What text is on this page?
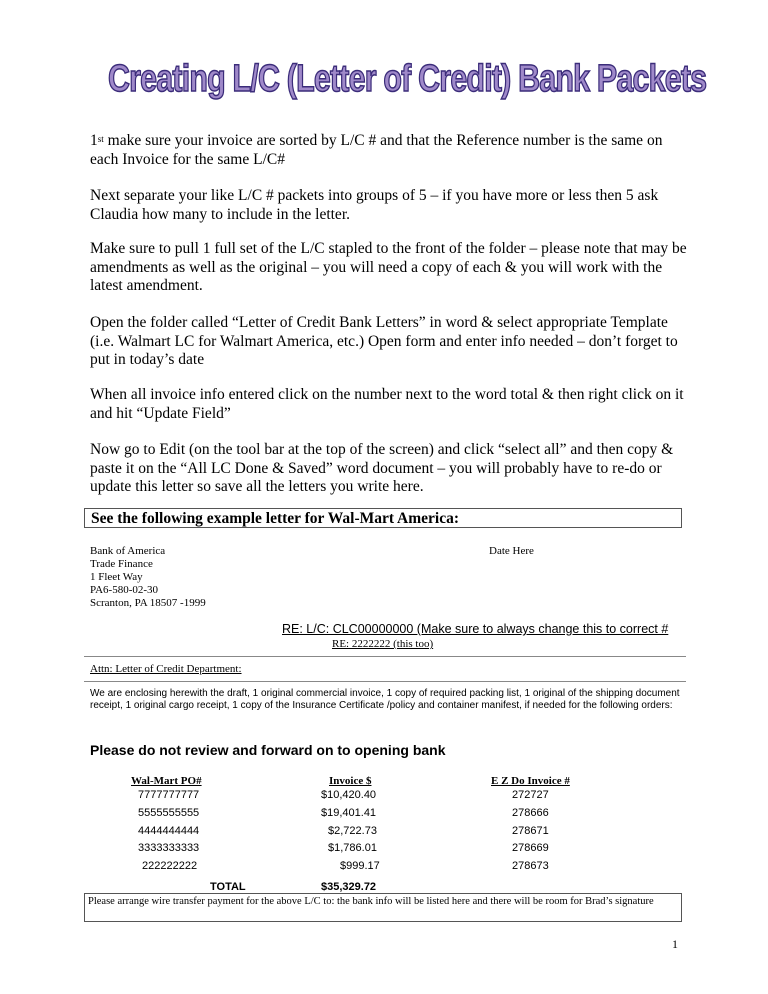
Creating L/C (Letter of Credit) Bank Packets
1st make sure your invoice are sorted by L/C # and that the Reference number is the same on each Invoice for the same L/C#
Next separate your like L/C # packets into groups of 5 – if you have more or less then 5 ask Claudia how many to include in the letter.
Make sure to pull 1 full set of the L/C stapled to the front of the folder – please note that may be amendments as well as the original – you will need a copy of each & you will work with the latest amendment.
Open the folder called “Letter of Credit Bank Letters” in word & select appropriate Template (i.e. Walmart LC for Walmart America, etc.) Open form and enter info needed – don’t forget to put in today’s date
When all invoice info entered click on the number next to the word total & then right click on it and hit “Update Field”
Now go to Edit (on the tool bar at the top of the screen) and click “select all” and then copy & paste it on the “All LC Done & Saved” word document – you will probably have to re-do or update this letter so save all the letters you write here.
See the following example letter for Wal-Mart America:
Bank of America
Trade Finance
1 Fleet Way
PA6-580-02-30
Scranton, PA 18507 -1999
Date Here
RE: L/C: CLC00000000 (Make sure to always change this to correct #
RE: 2222222 (this too)
Attn: Letter of Credit Department:
We are enclosing herewith the draft, 1 original commercial invoice, 1 copy of required packing list, 1 original of the shipping document receipt, 1 original cargo receipt, 1 copy of the Insurance Certificate /policy and container manifest, if needed for the following orders:
Please do not review and forward on to opening bank
Wal-Mart PO#	Invoice $	E Z Do Invoice #
7777777777	$10,420.40	272727
5555555555	$19,401.41	278666
4444444444	$2,722.73	278671
3333333333	$1,786.01	278669
222222222	$999.17	278673
TOTAL	$35,329.72
Please arrange wire transfer payment for the above L/C to: the bank info will be listed here and there will be room for Brad’s signature
1
